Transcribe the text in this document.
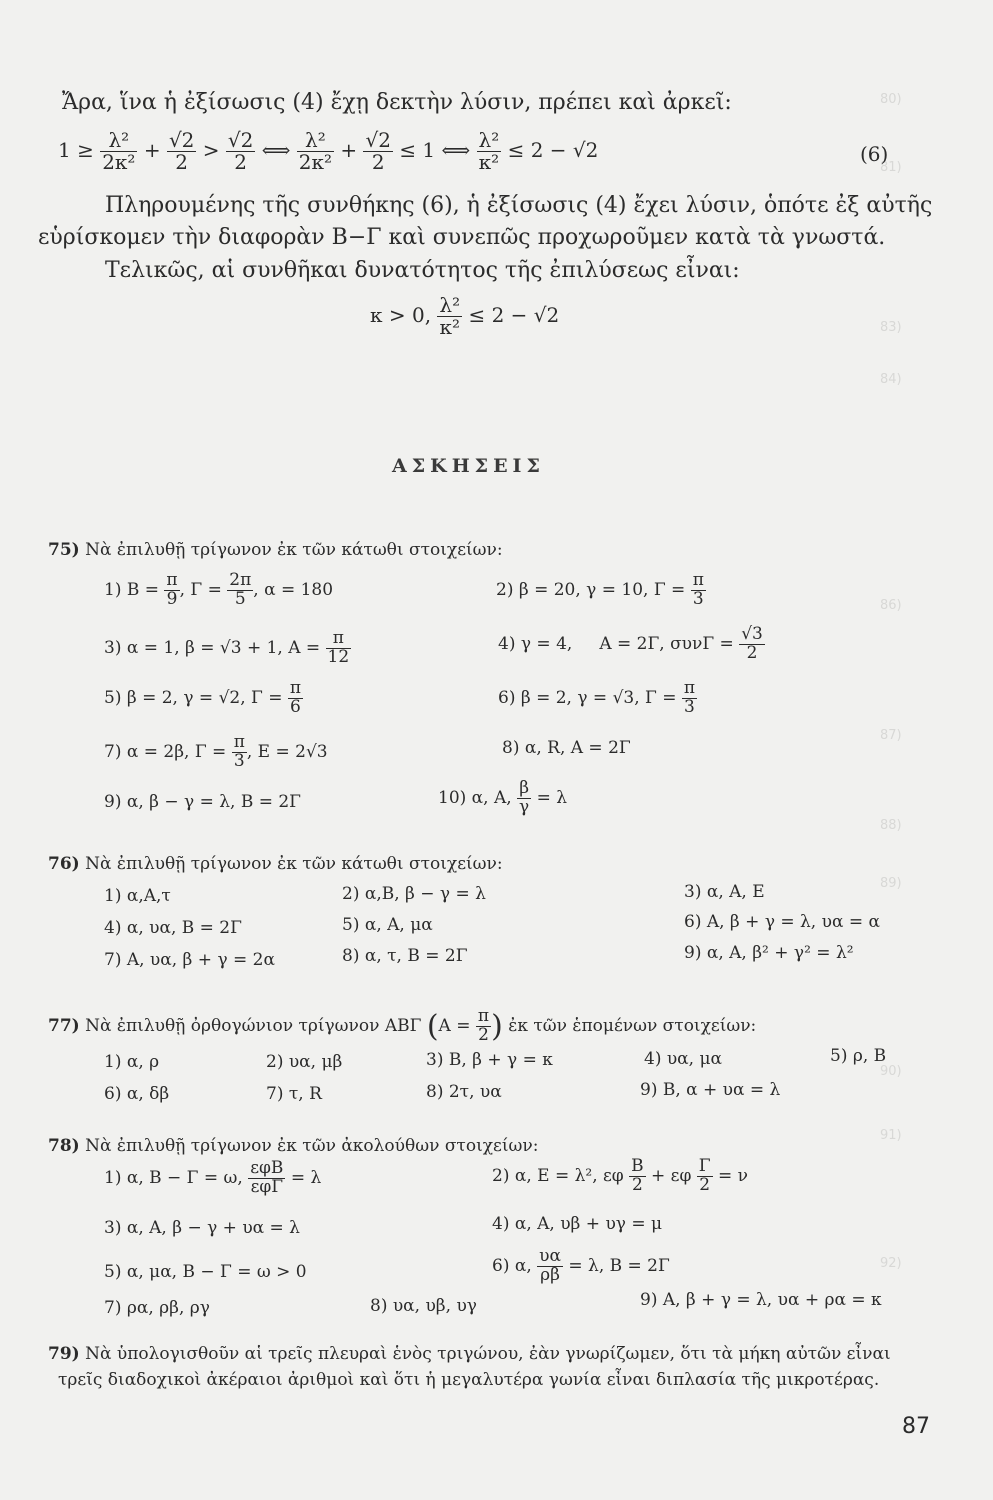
80)
81)
83)
84)
86)
87)
88)
89)
90)
91)
92)
Ἄρα, ἵνα ἡ ἐξίσωσις (4) ἔχῃ δεκτὴν λύσιν, πρέπει καὶ ἀρκεῖ:
$1 \ge \frac{\text{λ²}}{\text{2κ²}} + \frac{√2}{2} > \frac{√2}{2}$ ⟺ $\frac{\text{λ²}}{\text{2κ²}} + \frac{√2}{2} \le 1$ ⟺ $\frac{\text{λ²}}{\text{κ²}} \le 2 - √2$	(6)
Πληρουμένης τῆς συνθήκης (6), ἡ ἐξίσωσις (4) ἔχει λύσιν, ὁπότε ἐξ αὐτῆς
εὑρίσκομεν τὴν διαφορὰν Β−Γ καὶ συνεπῶς προχωροῦμεν κατὰ τὰ γνωστά.
Τελικῶς, αἱ συνθῆκαι δυνατότητος τῆς ἐπιλύσεως εἶναι:
κ > 0, $\frac{\text{λ²}}{\text{κ²}} \le 2 - √2$
ΑΣΚΗΣΕΙΣ
75) Νὰ ἐπιλυθῇ τρίγωνον ἐκ τῶν κάτωθι στοιχείων:
1) $B = \frac{\pi}{9}$ , $\Gamma = \frac{2\pi}{5}$ , α = 180	2) β = 20, γ = 10, $\Gamma = \frac{\pi}{3}$
3) α = 1, β = √3 + 1, $A = \frac{\pi}{12}$	4) γ = 4, Α = 2Γ, $\sigma\upsilon\nu\Gamma = \frac{√3}{2}$
5) β = 2, γ = √2, $\Gamma = \frac{\pi}{6}$	6) β = 2, γ = √3, $\Gamma = \frac{\pi}{3}$
7) α = 2β, $\Gamma = \frac{\pi}{3}$ , Ε = 2√3	8) α, R, Α = 2Γ
9) α, β − γ = λ, Β = 2Γ	10) α, Α, $\frac{\beta}{\gamma} = \lambda$
76) Νὰ ἐπιλυθῇ τρίγωνον ἐκ τῶν κάτωθι στοιχείων:
1) α,Α,τ	2) α,Β, β − γ = λ	3) α, Α, Ε
4) α, υα, Β = 2Γ	5) α, Α, μα	6) Α, β + γ = λ, υα = α
7) Α, υα, β + γ = 2α	8) α, τ, Β = 2Γ	9) α, Α, β² + γ² = λ²
77) Νὰ ἐπιλυθῇ ὀρθογώνιον τρίγωνον ΑΒΓ ($A = \frac{\pi}{2}$ ) ἐκ τῶν ἑπομένων στοιχείων:
1) α, ρ	2) υα, μβ	3) Β, β + γ = κ	4) υα, μα	5) ρ, Β
6) α, δβ	7) τ, R	8) 2τ, υα	9) Β, α + υα = λ
78) Νὰ ἐπιλυθῇ τρίγωνον ἐκ τῶν ἀκολούθων στοιχείων:
1) α, Β − Γ = ω, $\frac{\text{εφΒ}}{\text{εφΓ}} = \lambda$	2) α, Ε = λ², εφ $\frac{B}{2} + \varepsilon\varphi \frac{\Gamma}{2} = \nu$
3) α, Α, β − γ + υα = λ	4) α, Α, υβ + υγ = μ
5) α, μα, Β − Γ = ω > 0	6) α, $\frac{\upsilon\alpha}{\rho\beta} = \lambda$, Β = 2Γ
7) ρα, ρβ, ργ	8) υα, υβ, υγ	9) Α, β + γ = λ, υα + ρα = κ
79) Νὰ ὑπολογισθοῦν αἱ τρεῖς πλευραὶ ἑνὸς τριγώνου, ἐὰν γνωρίζωμεν, ὅτι τὰ μήκη αὐτῶν εἶναι
τρεῖς διαδοχικοὶ ἀκέραιοι ἀριθμοὶ καὶ ὅτι ἡ μεγαλυτέρα γωνία εἶναι διπλασία τῆς μικροτέρας.
87
